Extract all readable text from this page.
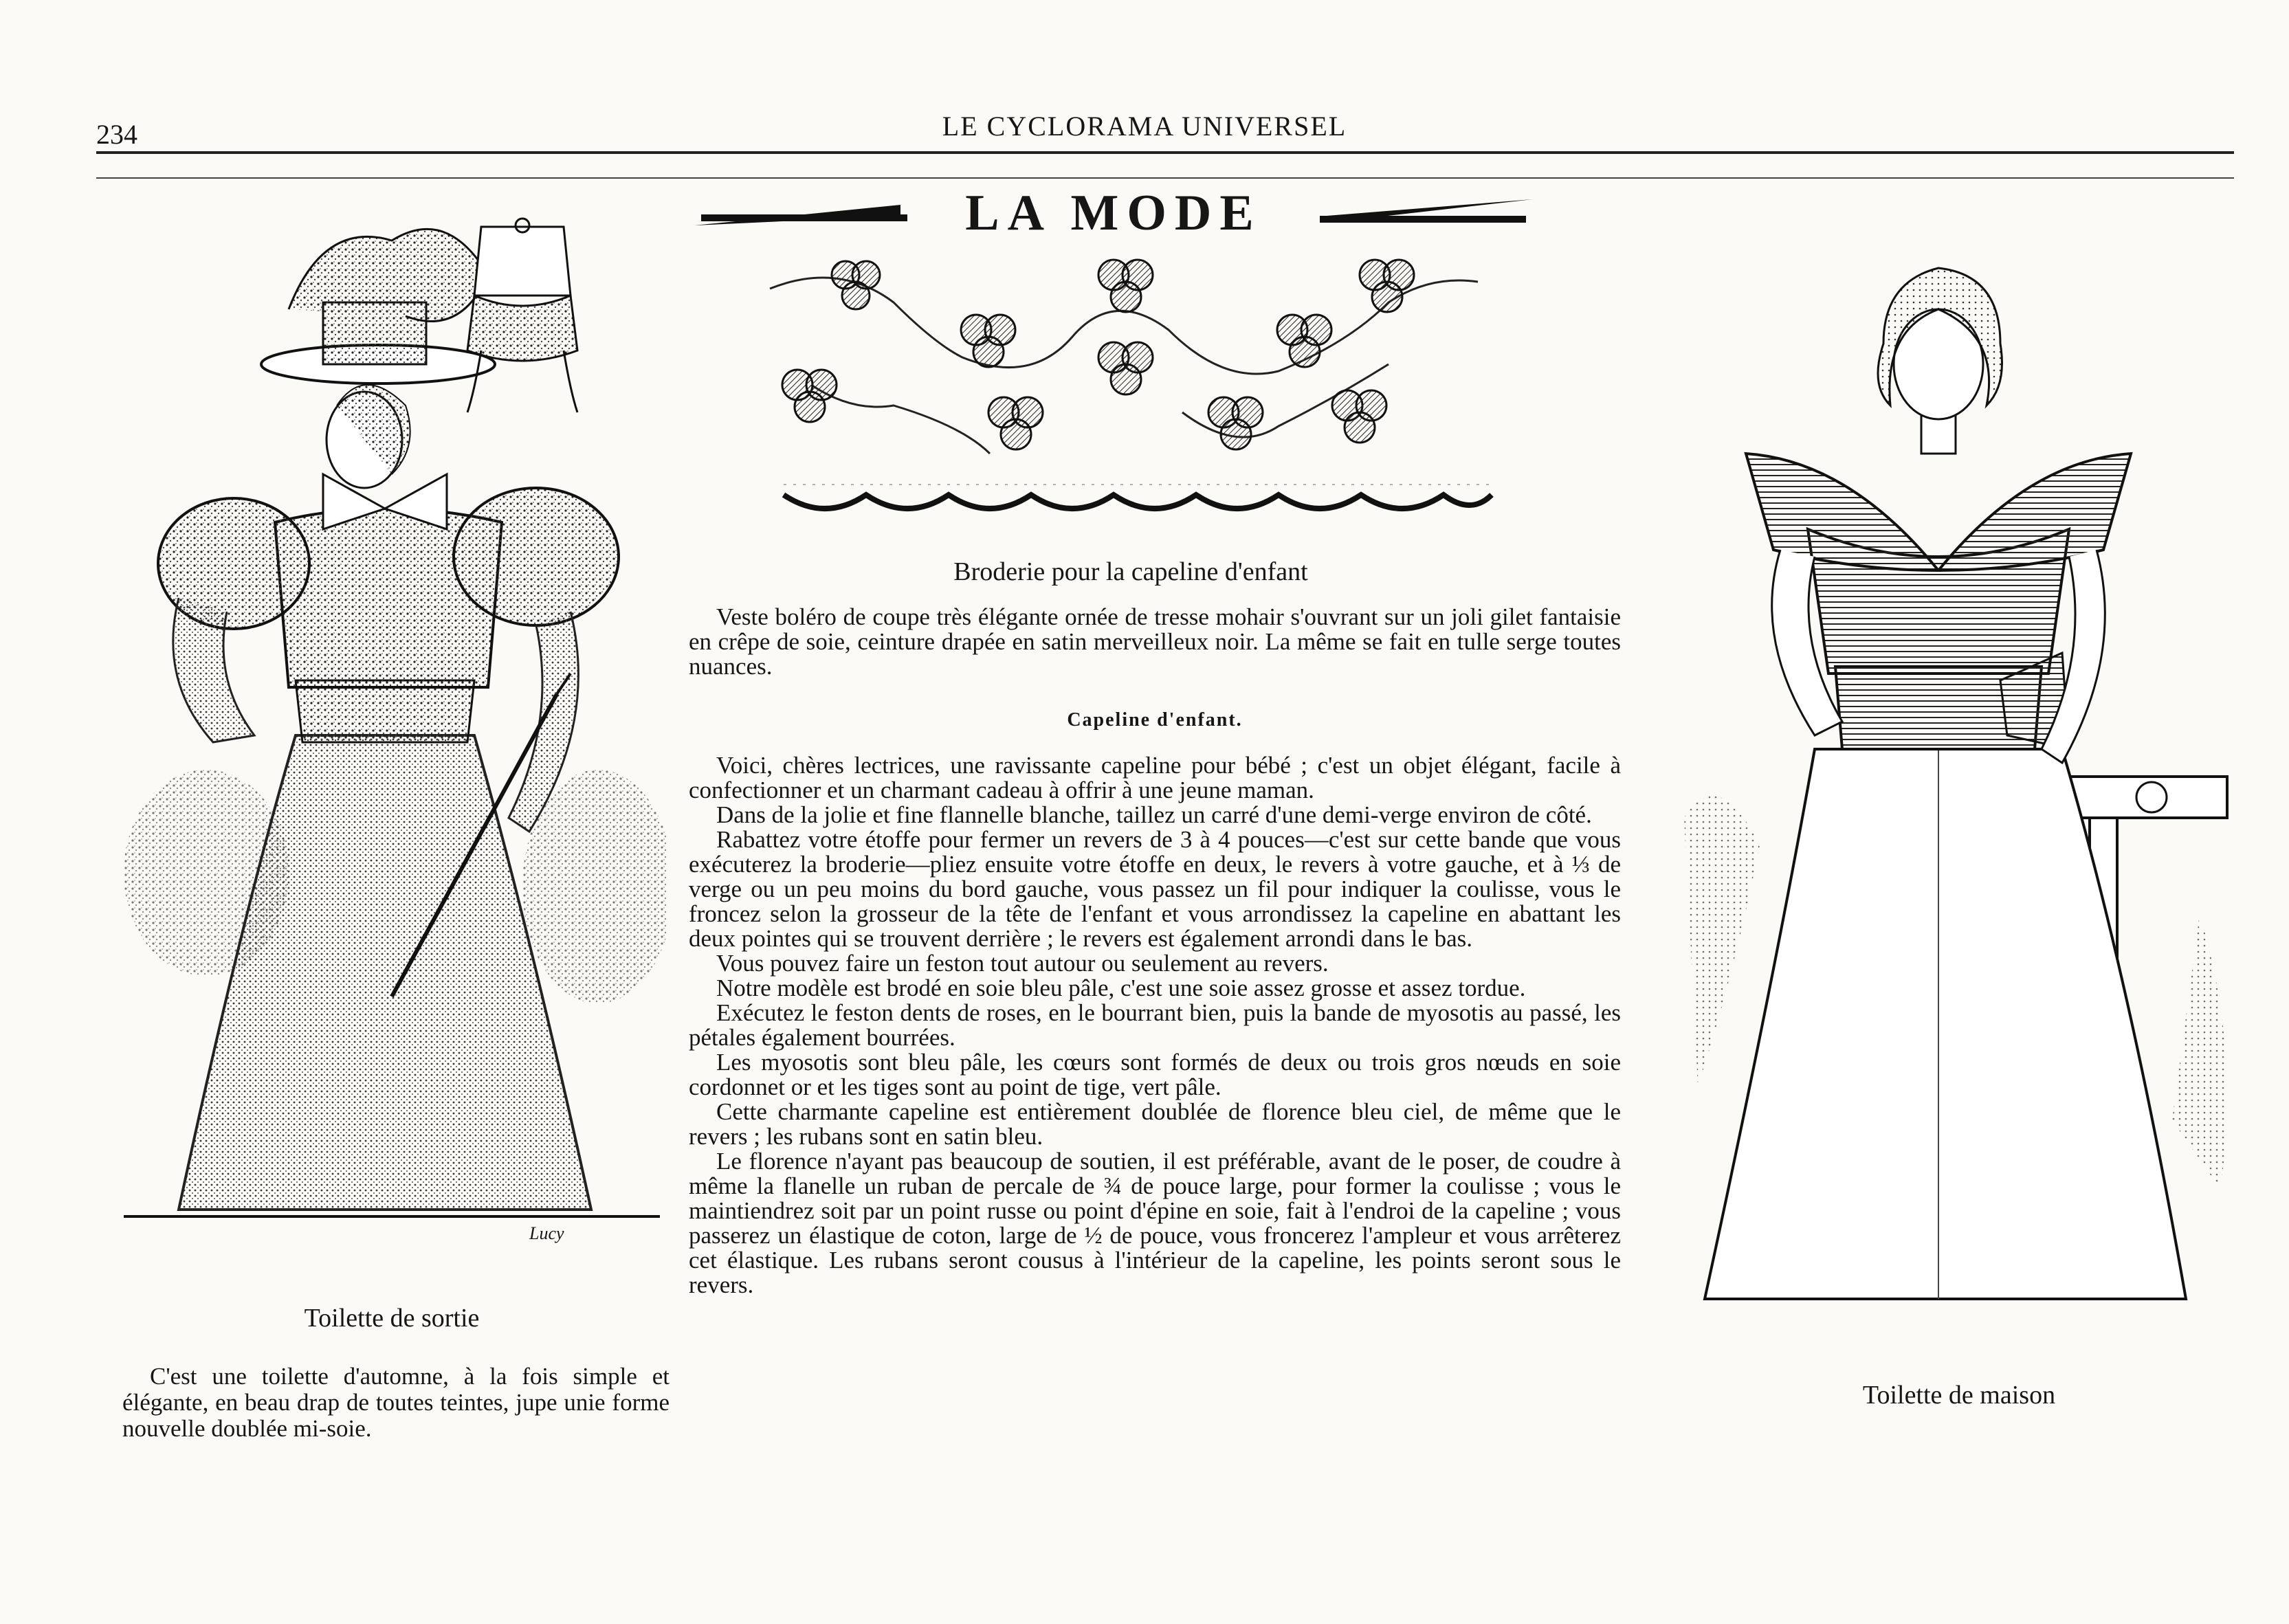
234	LE CYCLORAMA UNIVERSEL
LA MODE
Lucy
Toilette de sortie

C'est une toilette d'automne, à la fois simple et élégante, en beau drap de toutes teintes, jupe unie forme nouvelle doublée mi-soie.

Broderie pour la capeline d'enfant

Veste boléro de coupe très élégante ornée de tresse mohair s'ouvrant sur un joli gilet fantaisie en crêpe de soie, ceinture drapée en satin merveilleux noir. La même se fait en tulle serge toutes nuances.

Capeline d'enfant.

Voici, chères lectrices, une ravissante capeline pour bébé ; c'est un objet élégant, facile à confectionner et un charmant cadeau à offrir à une jeune maman.

Dans de la jolie et fine flannelle blanche, taillez un carré d'une demi-verge environ de côté.

Rabattez votre étoffe pour fermer un revers de 3 à 4 pouces—c'est sur cette bande que vous exécuterez la broderie—pliez ensuite votre étoffe en deux, le revers à votre gauche, et à ⅓ de verge ou un peu moins du bord gauche, vous passez un fil pour indiquer la coulisse, vous le froncez selon la grosseur de la tête de l'enfant et vous arrondissez la capeline en abattant les deux pointes qui se trouvent derrière ; le revers est également arrondi dans le bas.

Vous pouvez faire un feston tout autour ou seulement au revers.

Notre modèle est brodé en soie bleu pâle, c'est une soie assez grosse et assez tordue.

Exécutez le feston dents de roses, en le bourrant bien, puis la bande de myosotis au passé, les pétales également bourrées.

Les myosotis sont bleu pâle, les cœurs sont formés de deux ou trois gros nœuds en soie cordonnet or et les tiges sont au point de tige, vert pâle.

Cette charmante capeline est entièrement doublée de florence bleu ciel, de même que le revers ; les rubans sont en satin bleu.

Le florence n'ayant pas beaucoup de soutien, il est préférable, avant de le poser, de coudre à même la flanelle un ruban de percale de ¾ de pouce large, pour former la coulisse ; vous le maintiendrez soit par un point russe ou point d'épine en soie, fait à l'endroi de la capeline ; vous passerez un élastique de coton, large de ½ de pouce, vous froncerez l'ampleur et vous arrêterez cet élastique. Les rubans seront cousus à l'intérieur de la capeline, les points seront sous le revers.

Toilette de maison
